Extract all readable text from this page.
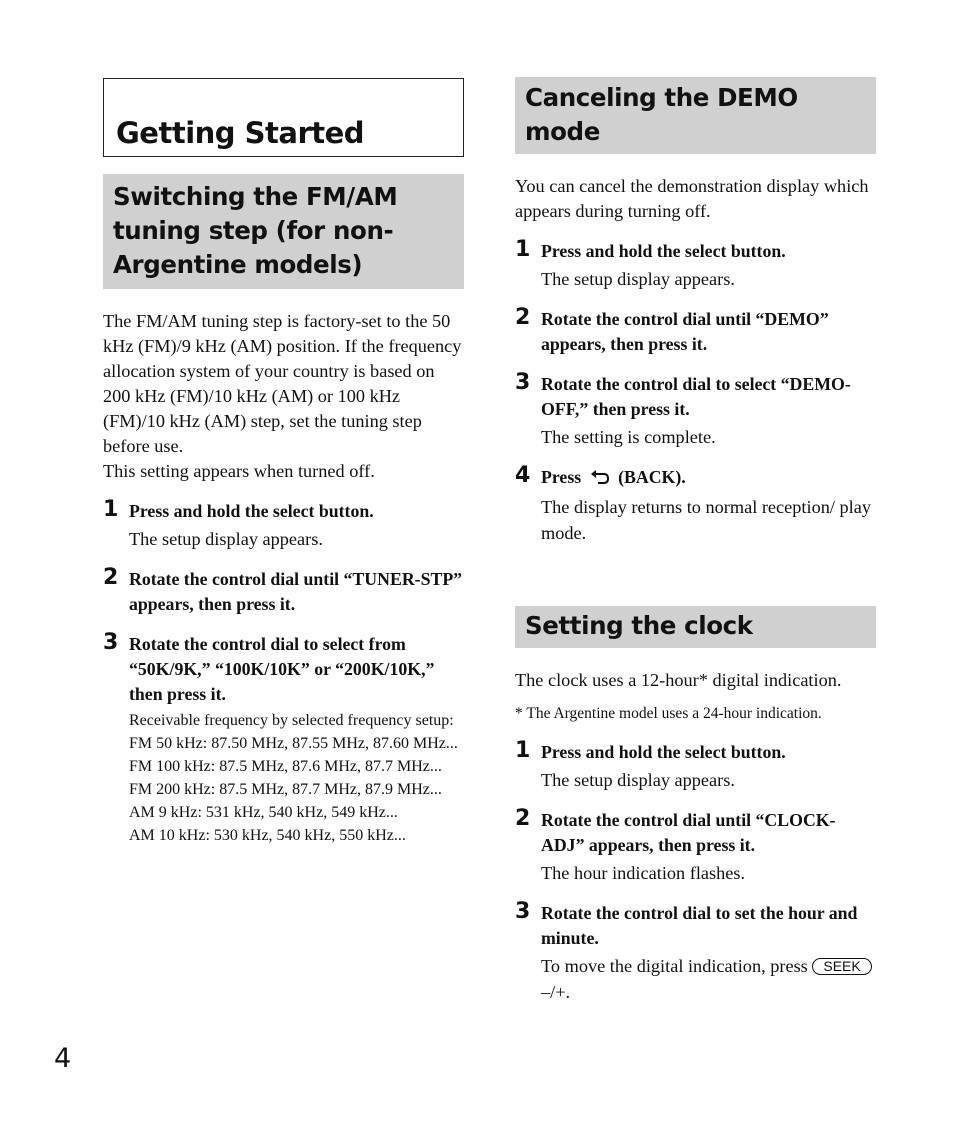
Getting Started
Switching the FM/AM tuning step (for non-Argentine models)

The FM/AM tuning step is factory-set to the 50 kHz (FM)/9 kHz (AM) position. If the frequency allocation system of your country is based on 200 kHz (FM)/10 kHz (AM) or 100 kHz (FM)/10 kHz (AM) step, set the tuning step before use.

This setting appears when turned off.

1 Press and hold the select button.

The setup display appears.

2 Rotate the control dial until “TUNER-STP” appears, then press it.

3 Rotate the control dial to select from “50K/9K,” “100K/10K” or “200K/10K,” then press it.

Receivable frequency by selected frequency setup:

FM 50 kHz: 87.50 MHz, 87.55 MHz, 87.60 MHz...

FM 100 kHz: 87.5 MHz, 87.6 MHz, 87.7 MHz...

FM 200 kHz: 87.5 MHz, 87.7 MHz, 87.9 MHz...

AM 9 kHz: 531 kHz, 540 kHz, 549 kHz...

AM 10 kHz: 530 kHz, 540 kHz, 550 kHz...

Canceling the DEMO mode

You can cancel the demonstration display which appears during turning off.

1 Press and hold the select button.

The setup display appears.

2 Rotate the control dial until “DEMO” appears, then press it.

3 Rotate the control dial to select “DEMO-OFF,” then press it.

The setting is complete.

4 Press (BACK).

The display returns to normal reception/ play mode.

Setting the clock

The clock uses a 12-hour* digital indication.

* The Argentine model uses a 24-hour indication.

1 Press and hold the select button.

The setup display appears.

2 Rotate the control dial until “CLOCK-ADJ” appears, then press it.

The hour indication flashes.

3 Rotate the control dial to set the hour and minute.

To move the digital indication, press SEEK –/+.

4
